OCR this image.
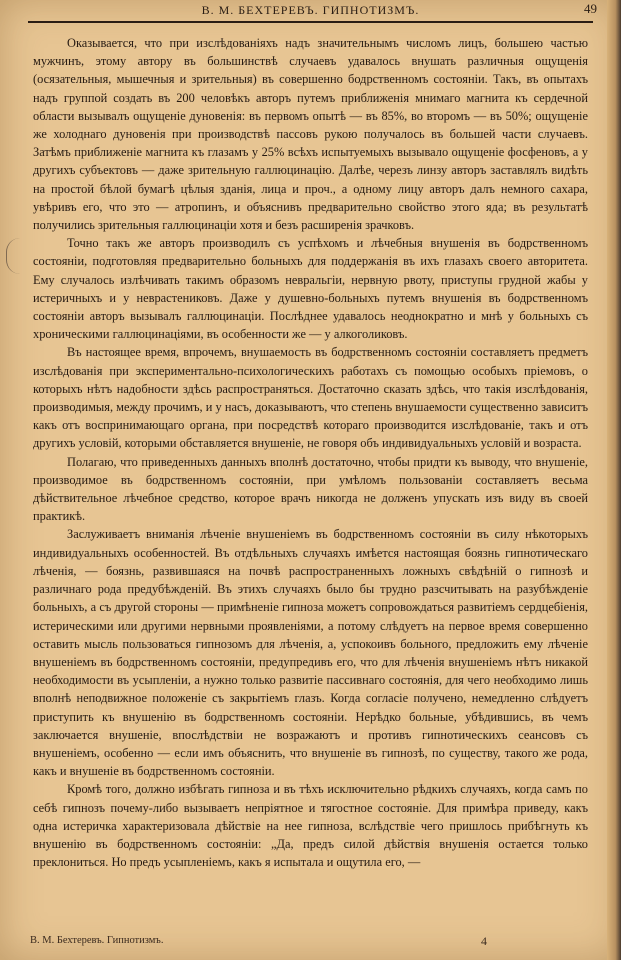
В. М. БЕХТЕРЕВЪ. ГИПНОТИЗМЪ.	49

Оказывается, что при изслѣдованіяхъ надъ значительнымъ числомъ лицъ, большею частью мужчинъ, этому автору въ большинствѣ случаевъ удавалось внушать различныя ощущенія (осязательныя, мышечныя и зрительныя) въ совершенно бодрственномъ состояніи. Такъ, въ опытахъ надъ группой создать въ 200 человѣкъ авторъ путемъ приближенія мнимаго магнита къ сердечной области вызывалъ ощущеніе дуновенія: въ первомъ опытѣ — въ 85%, во второмъ — въ 50%; ощущеніе же холоднаго дуновенія при производствѣ пассовъ рукою получалось въ большей части случаевъ. Затѣмъ приближеніе магнита къ глазамъ у 25% всѣхъ испытуемыхъ вызывало ощущеніе фосфеновъ, а у другихъ субъектовъ — даже зрительную галлюцинацію. Далѣе, черезъ линзу авторъ заставлялъ видѣть на простой бѣлой бумагѣ цѣлыя зданія, лица и проч., а одному лицу авторъ далъ немного сахара, увѣривъ его, что это — атропинъ, и объяснивъ предварительно свойство этого яда; въ результатѣ получились зрительныя галлюцинаціи хотя и безъ расширенія зрачковъ.

Точно такъ же авторъ производилъ съ успѣхомъ и лѣчебныя внушенія въ бодрственномъ состояніи, подготовляя предварительно больныхъ для поддержанія въ ихъ глазахъ своего авторитета. Ему случалось излѣчивать такимъ образомъ невральгіи, нервную рвоту, приступы грудной жабы у истеричныхъ и у неврастениковъ. Даже у душевно-больныхъ путемъ внушенія въ бодрственномъ состояніи авторъ вызывалъ галлюцинаціи. Послѣднее удавалось неоднократно и мнѣ у больныхъ съ хроническими галлюцинаціями, въ особенности же — у алкоголиковъ.

Въ настоящее время, впрочемъ, внушаемость въ бодрственномъ состояніи составляетъ предметъ изслѣдованія при экспериментально-психологическихъ работахъ съ помощью особыхъ пріемовъ, о которыхъ нѣтъ надобности здѣсь распространяться. Достаточно сказать здѣсь, что такія изслѣдованія, производимыя, между прочимъ, и у насъ, доказываютъ, что степень внушаемости существенно зависитъ какъ отъ воспринимающаго органа, при посредствѣ котораго производится изслѣдованіе, такъ и отъ другихъ условій, которыми обставляется внушеніе, не говоря объ индивидуальныхъ условій и возраста.

Полагаю, что приведенныхъ данныхъ вполнѣ достаточно, чтобы придти къ выводу, что внушеніе, производимое въ бодрственномъ состояніи, при умѣломъ пользованіи составляетъ весьма дѣйствительное лѣчебное средство, которое врачъ никогда не долженъ упускать изъ виду въ своей практикѣ.

Заслуживаетъ вниманія лѣченіе внушеніемъ въ бодрственномъ состояніи въ силу нѣкоторыхъ индивидуальныхъ особенностей. Въ отдѣльныхъ случаяхъ имѣется настоящая боязнь гипнотическаго лѣченія, — боязнь, развившаяся на почвѣ распространенныхъ ложныхъ свѣдѣній о гипнозѣ и различнаго рода предубѣжденій. Въ этихъ случаяхъ было бы трудно разсчитывать на разубѣжденіе больныхъ, а съ другой стороны — примѣненіе гипноза можетъ сопровождаться развитіемъ сердцебіенія, истерическими или другими нервными проявленіями, а потому слѣдуетъ на первое время совершенно оставить мысль пользоваться гипнозомъ для лѣченія, а, успокоивъ больного, предложить ему лѣченіе внушеніемъ въ бодрственномъ состояніи, предупредивъ его, что для лѣченія внушеніемъ нѣтъ никакой необходимости въ усыпленіи, а нужно только развитіе пассивнаго состоянія, для чего необходимо лишь вполнѣ неподвижное положеніе съ закрытіемъ глазъ. Когда согласіе получено, немедленно слѣдуетъ приступить къ внушенію въ бодрственномъ состояніи. Нерѣдко больные, убѣдившись, въ чемъ заключается внушеніе, впослѣдствіи не возражаютъ и противъ гипнотическихъ сеансовъ съ внушеніемъ, особенно — если имъ объяснить, что внушеніе въ гипнозѣ, по существу, такого же рода, какъ и внушеніе въ бодрственномъ состояніи.

Кромѣ того, должно избѣгать гипноза и въ тѣхъ исключительно рѣдкихъ случаяхъ, когда самъ по себѣ гипнозъ почему-либо вызываетъ непріятное и тягостное состояніе. Для примѣра приведу, какъ одна истеричка характеризовала дѣйствіе на нее гипноза, вслѣдствіе чего пришлось прибѣгнуть къ внушенію въ бодрственномъ состояніи: „Да, предъ силой дѣйствія внушенія остается только преклониться. Но предъ усыпленіемъ, какъ я испытала и ощутила его, —

В. М. Бехтеревъ. Гипнотизмъ.	4
